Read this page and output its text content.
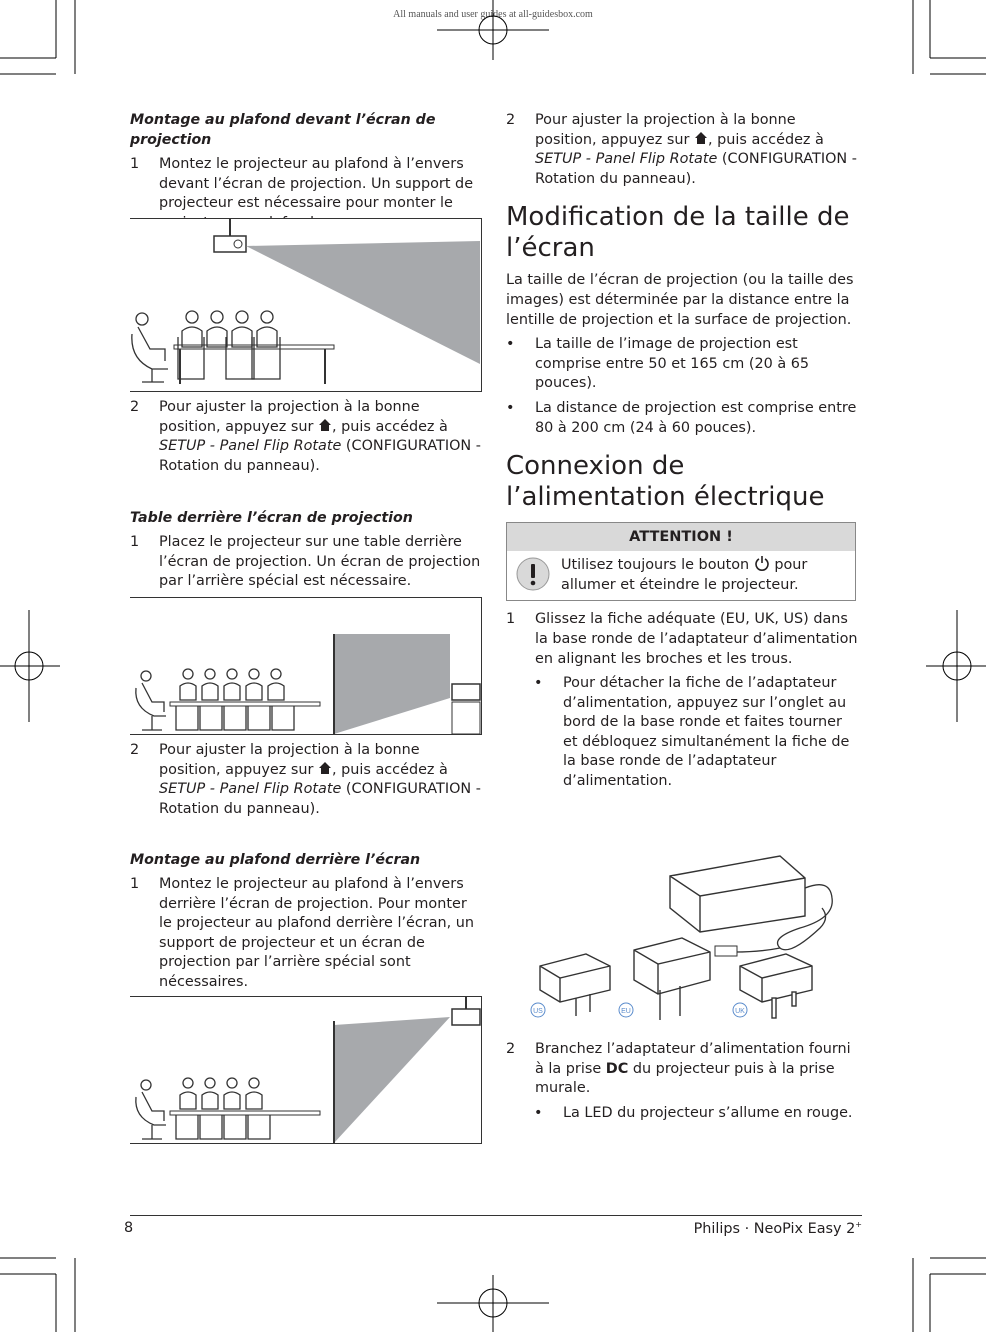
All manuals and user guides at all-guidesbox.com
Montage au plafond devant l’écran de projection
1 Montez le projecteur au plafond à l’envers devant l’écran de projection. Un support de projecteur est nécessaire pour monter le
2 Pour ajuster la projection à la bonne position, appuyez sur , puis accédez à SETUP - Panel Flip Rotate (CONFIGURATION - Rotation du panneau).
Table derrière l’écran de projection
1 Placez le projecteur sur une table derrière l’écran de projection. Un écran de projection par l’arrière spécial est nécessaire.
2 Pour ajuster la projection à la bonne position, appuyez sur , puis accédez à SETUP - Panel Flip Rotate (CONFIGURATION - Rotation du panneau).
Montage au plafond derrière l’écran
1 Montez le projecteur au plafond à l’envers derrière l’écran de projection. Pour monter le projecteur au plafond derrière l’écran, un support de projecteur et un écran de projection par l’arrière spécial sont nécessaires.
2 Pour ajuster la projection à la bonne position, appuyez sur , puis accédez à SETUP - Panel Flip Rotate (CONFIGURATION - Rotation du panneau).
Modification de la taille de l’écran
La taille de l’écran de projection (ou la taille des images) est déterminée par la distance entre la lentille de projection et la surface de projection.
• La taille de l’image de projection est comprise entre 50 et 165 cm (20 à 65 pouces).
• La distance de projection est comprise entre 80 à 200 cm (24 à 60 pouces).
Connexion de l’alimentation électrique
ATTENTION !
Utilisez toujours le bouton  pour allumer et éteindre le projecteur.
1 Glissez la fiche adéquate (EU, UK, US) dans la base ronde de l’adaptateur d’alimentation en alignant les broches et les trous.
• Pour détacher la fiche de l’adaptateur d’alimentation, appuyez sur l’onglet au bord de la base ronde et faites tourner et débloquez simultanément la fiche de la base ronde de l’adaptateur d’alimentation.
US	EU	UK
2 Branchez l’adaptateur d’alimentation fourni à la prise DC du projecteur puis à la prise murale.
• La LED du projecteur s’allume en rouge.
8	Philips · NeoPix Easy 2+
